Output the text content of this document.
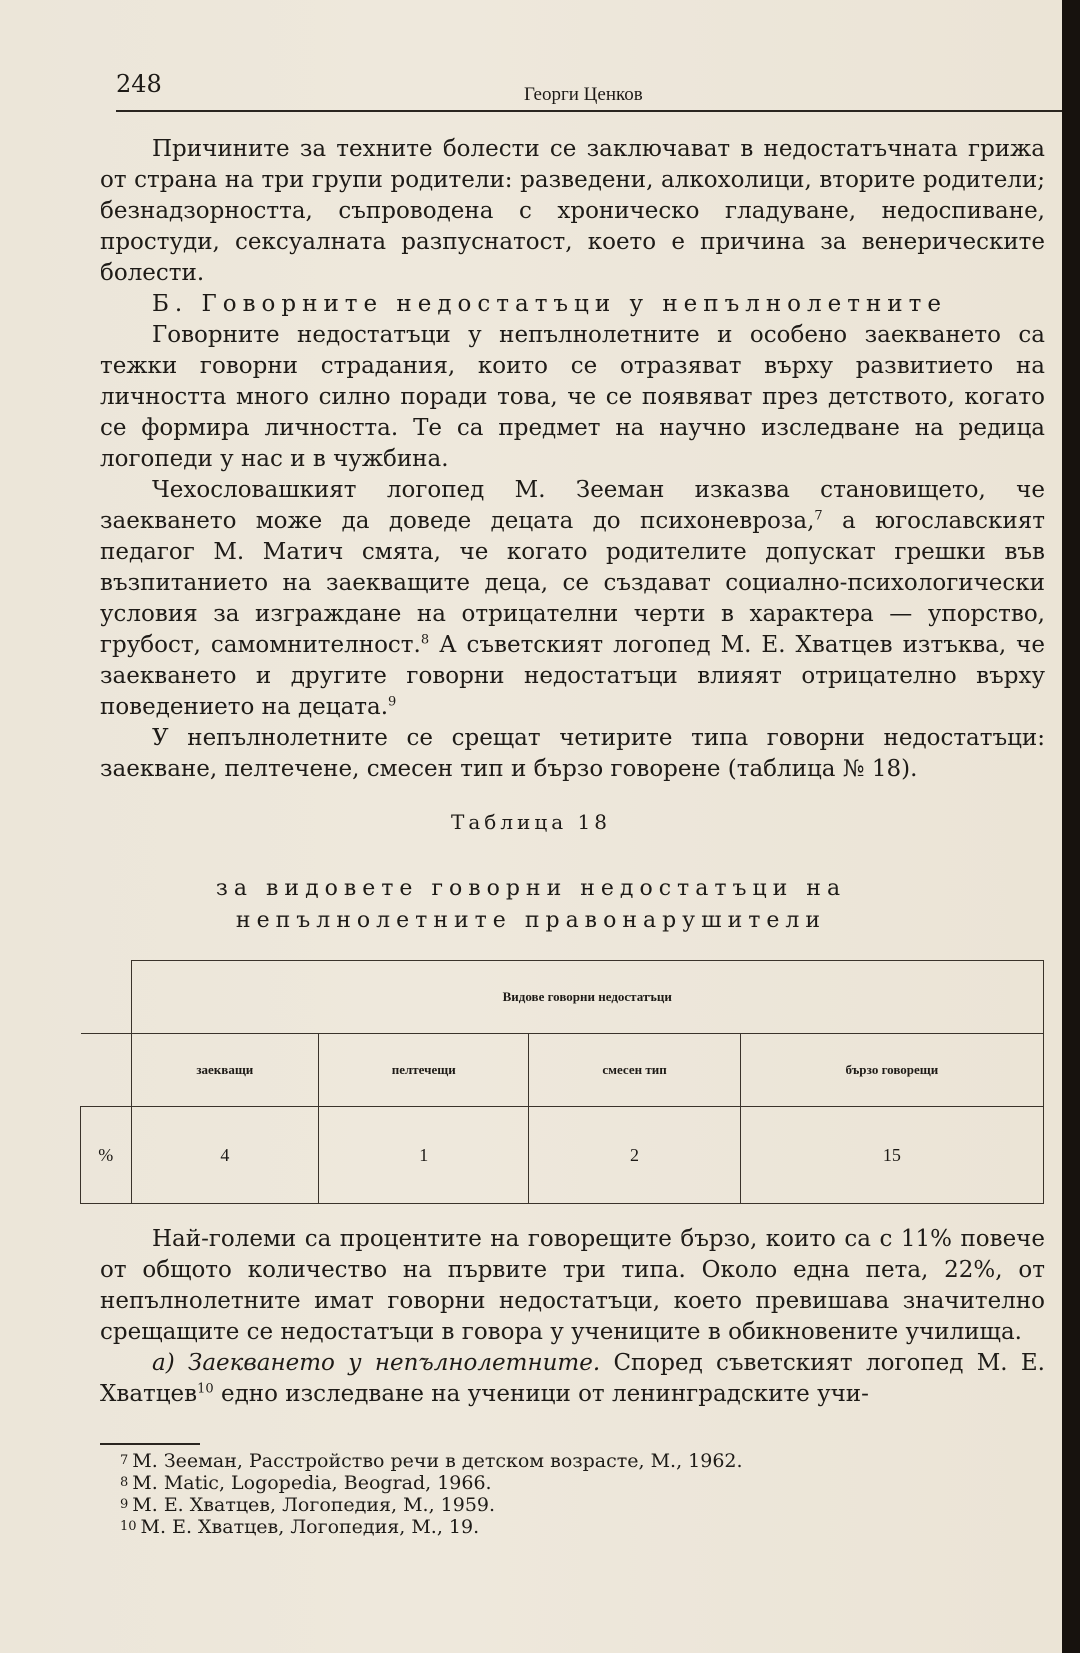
248	Георги Ценков

Причините за техните болести се заключават в недостатъчната грижа от страна на три групи родители: разведени, алкохолици, вторите родители; безнадзорността, съпроводена с хроническо гладуване, недоспиване, простуди, сексуалната разпуснатост, което е причина за венерическите болести.

Б. Говорните недостатъци у непълнолетните

Говорните недостатъци у непълнолетните и особено заекването са тежки говорни страдания, които се отразяват върху развитието на личността много силно поради това, че се появяват през детството, когато се формира личността. Те са предмет на научно изследване на редица логопеди у нас и в чужбина.

Чехословашкият логопед М. Зееман изказва становището, че заекването може да доведе децата до психоневроза,$^7$ а югославският педагог М. Матич смята, че когато родителите допускат грешки във възпитанието на заекващите деца, се създават социално-психологически условия за изграждане на отрицателни черти в характера — упорство, грубост, самомнителност.$^8$ А съветският логопед М. Е. Хватцев изтъква, че заекването и другите говорни недостатъци влияят отрицателно върху поведението на децата.$^9$

У непълнолетните се срещат четирите типа говорни недостатъци: заекване, пелтечене, смесен тип и бързо говорене (таблица № 18).

Таблица 18
за видовете говорни недостатъци на
непълнолетните правонарушители
	Видове говорни недостатъци			
	заекващи	пелтечещи	смесен тип	бързо говорещи
%	4	1	2	15

Най-големи са процентите на говорещите бързо, които са с 11% повече от общото количество на първите три типа. Около една пета, 22%, от непълнолетните имат говорни недостатъци, което превишава значително срещащите се недостатъци в говора у учениците в обикновените училища.

а) Заекването у непълнолетните. Според съветският логопед М. Е. Хватцев$^{10}$ едно изследване на ученици от ленинградските учи-

$^7$ М. Зееман, Расстройство речи в детском возрасте, М., 1962.
$^8$ М. Matic, Logopedia, Beograd, 1966.
$^9$ М. Е. Хватцев, Логопедия, М., 1959.
$^{10}$ М. Е. Хватцев, Логопедия, М., 19.
